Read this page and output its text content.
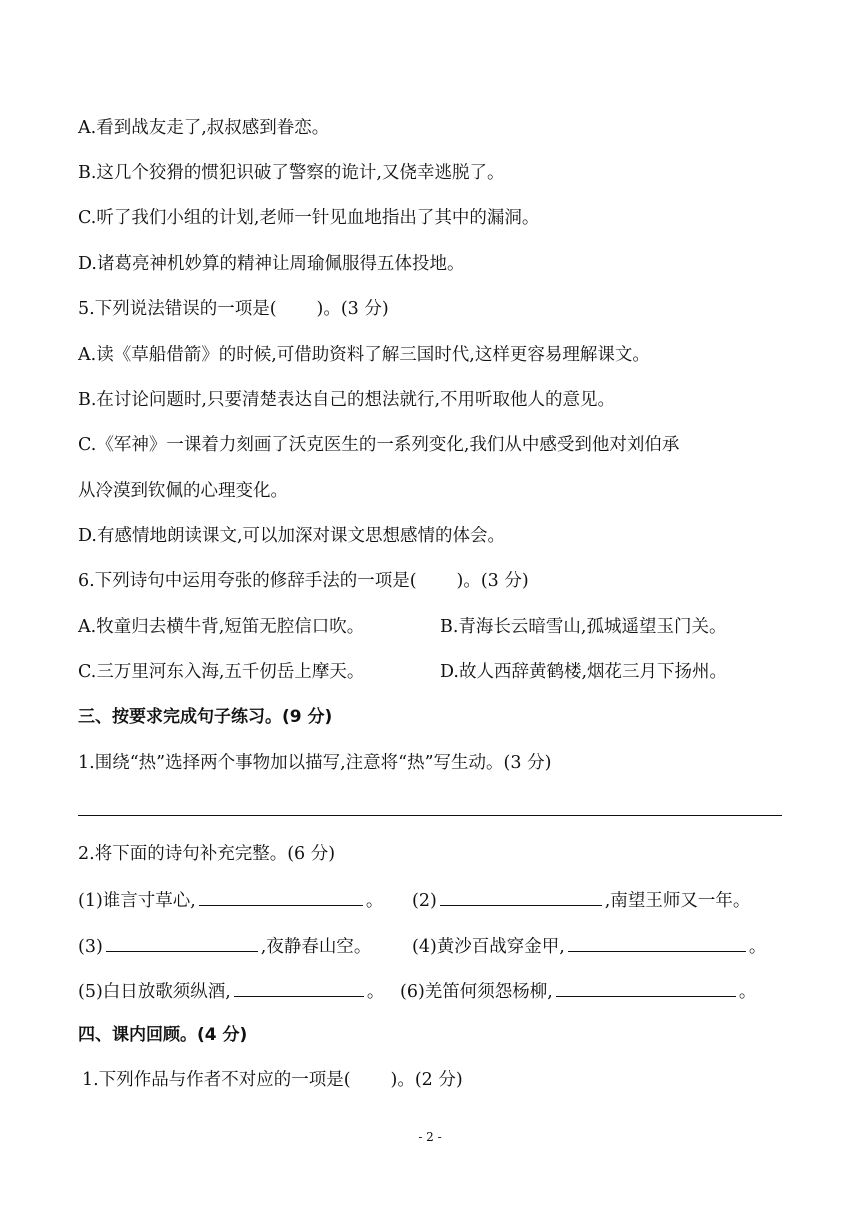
A.看到战友走了,叔叔感到眷恋。
B.这几个狡猾的惯犯识破了警察的诡计,又侥幸逃脱了。
C.听了我们小组的计划,老师一针见血地指出了其中的漏洞。
D.诸葛亮神机妙算的精神让周瑜佩服得五体投地。
5.下列说法错误的一项是( )。(3 分)
A.读《草船借箭》的时候,可借助资料了解三国时代,这样更容易理解课文。
B.在讨论问题时,只要清楚表达自己的想法就行,不用听取他人的意见。
C.《军神》一课着力刻画了沃克医生的一系列变化,我们从中感受到他对刘伯承
从冷漠到钦佩的心理变化。
D.有感情地朗读课文,可以加深对课文思想感情的体会。
6.下列诗句中运用夸张的修辞手法的一项是( )。(3 分)
A.牧童归去横牛背,短笛无腔信口吹。	B.青海长云暗雪山,孤城遥望玉门关。
C.三万里河东入海,五千仞岳上摩天。	D.故人西辞黄鹤楼,烟花三月下扬州。
三、按要求完成句子练习。(9 分)
1.围绕“热”选择两个事物加以描写,注意将“热”写生动。(3 分)
2.将下面的诗句补充完整。(6 分)
(1)谁言寸草心,	。 (2)	,南望王师又一年。
(3)	,夜静春山空。 (4)黄沙百战穿金甲,	。
(5)白日放歌须纵酒,	。 (6)羌笛何须怨杨柳,	。
四、课内回顾。(4 分)
1.下列作品与作者不对应的一项是( )。(2 分)
- 2 -
